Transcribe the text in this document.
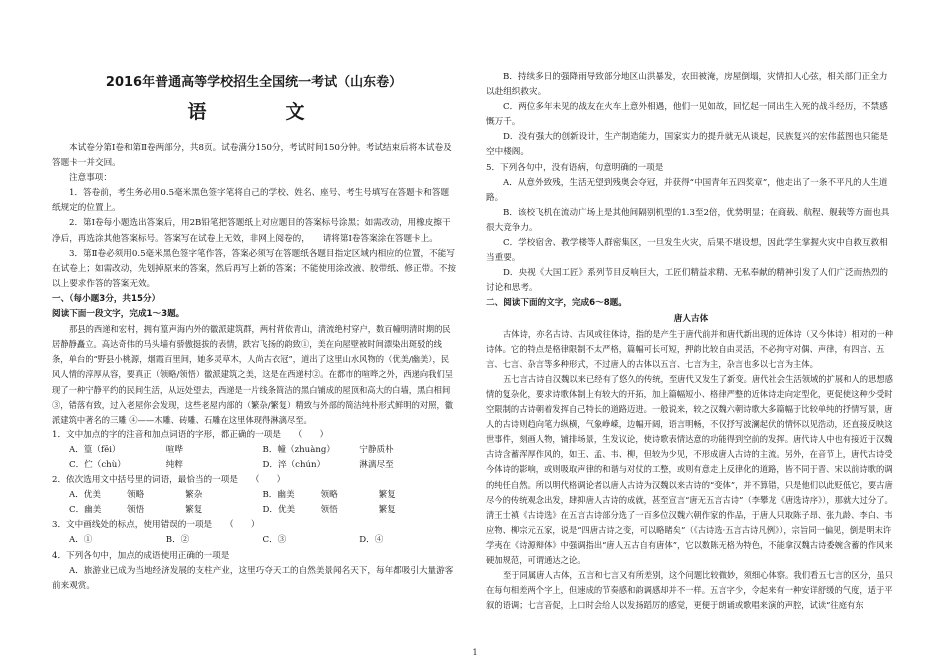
2016年普通高等学校招生全国统一考试（山东卷）

语　文

本试卷分第Ⅰ卷和第Ⅱ卷两部分，共8页。试卷满分150分，考试时间150分钟。考试结束后将本试卷及答题卡一并交回。

注意事项：

1．答卷前，考生务必用0.5毫米黑色签字笔将自己的学校、姓名、座号、考生号填写在答题卡和答题纸规定的位置上。

2．第Ⅰ卷每小题选出答案后，用2B铅笔把答题纸上对应题目的答案标号涂黑；如需改动，用橡皮擦干净后，再选涂其他答案标号。答案写在试卷上无效，非网上阅卷的，　　请将第Ⅰ卷答案涂在答题卡上。

3．第Ⅱ卷必须用0.5毫米黑色签字笔作答，答案必须写在答题纸各题目指定区域内相应的位置，不能写在试卷上；如需改动，先划掉原来的答案，然后再写上新的答案；不能使用涂改液、胶带纸、修正带。不按以上要求作答的答案无效。

一、（每小题3分，共15分）

阅读下面一段文字，完成1～3题。

那县的西递和宏村，拥有篁声海内外的徽派建筑群，两村背依青山，清流绝村穿户，数百幢明清时期的民居静静矗立。高达奇伟的马头墙有骄傲挺拔的表情，跌宕飞扬的韵致①，美在向屋壁被时间漂染出斑驳的线条，单台的“野县小桃源，烟霞百里间，她多灵草木，人尚古衣冠”，道出了这里山水风物的（优美/幽美），民风人情的淳厚从容，要真正（领略/领悟）徽派建筑之美，这是在西递村②。在都市的喧哗之外，西递向我们呈现了一种宁静平约的民间生活，从远处望去，西递是一片线条简洁的黑白铺成的屋顶和高大的白墙，黑白相间③，错落有致，过入老屋你会发现，这些老屋内部的（繁杂/繁复）精致与外部的简洁纯朴形式鲜明的对照，徽派建筑中著名的三雕 ④——木雕、砖雕、石雕在这里体现得淋漓尽至。

1．文中加点的字的注音和加点词语的字形，都正确的一项是　　（　　）

A．篁（fēi）	喧哗	B．幢（zhuàng）	宁静质朴
C．伫（chù）	纯粹	D．淬（chún）	淋漓尽至

2．依次选用文中括号里的词语，最恰当的一项是　　（　　）

A．优美	领略	繁杂	B．幽美	领略	繁复
C．幽美	领悟	繁复	D．优美	领悟	繁复

3．文中画线处的标点，使用错误的一项是　　（　　）

A．①	B．②	C．③	D．④

4．下列各句中，加点的成语使用正确的一项是

A．旅游业已成为当地经济发展的支柱产业，这里巧夺天工的自然美景闻名天下，每年都吸引大量游客前来观赏。

B．持续多日的强降雨导致部分地区山洪暴发，农田被淹，房屋倒塌，灾情扣人心弦，相关部门正全力以赴组织救灾。

C．两位多年未见的战友在火车上意外相遇，他们一见如故，回忆起一同出生入死的战斗经历，不禁感慨万千。

D．没有强大的创新设计，生产制造能力，国家实力的提升就无从谈起，民族复兴的宏伟蓝图也只能是空中楼阁。

5．下列各句中，没有语病，句意明确的一项是

A．从意外致残，生活无望到残奥会夺冠，并获得“中国青年五四奖章”，他走出了一条不平凡的人生道路。

B．该校飞机在流动广场上是其他间隔别机型的1.3至2倍，优势明显；在商载、航程、舰载等方面也具很大竞争力。

C．学校宿舍、教学楼等人群密集区，一旦发生火灾，后果不堪设想，因此学生掌握火灾中自救互救相当重要。

D．央视《大国工匠》系列节目反响巨大，工匠们精益求精、无私奉献的精神引发了人们广泛而热烈的讨论和思考。

二、阅读下面的文字，完成6～8题。

唐人古体

古体诗，亦名古诗、古风或往体诗，指的是产生于唐代前并和唐代新出现的近体诗（又今体诗）相对的一种诗体。它的特点是格律限制不太严格，篇幅可长可短，押韵比较自由灵活，不必拘守对偶、声律，有四言、五言、七言、杂言等多种形式，不过唐人的古体以五言、七言为主，杂言也多以七言为主体。

五七言古诗自汉魏以来已经有了悠久的传统，至唐代又发生了新变。唐代社会生活领域的扩展和人的思想感情的复杂化，要求诗歌体制上有较大的开拓，加上篇幅短小、格律严整的近体诗走向定型化，更促使这种少受时空限制的古诗朝着发挥自己特长的道路迈进。一般说来，较之汉魏六朝诗歌大多篇幅于比较单纯的抒情写景，唐人的古诗则趋向笔力纵横，气象峥嵘，边幅开阔，语言明畅，不仅抒写波澜起伏的情怀以见浩动，还直接反映这世事件，刻画人物，铺排场景，生发议论，使诗歌表情达意的功能得到空前的发挥。唐代诗人中也有接近于汉魏古诗含蓄浑厚作风的，如王、孟、韦、柳，但较为少见，不形成唐人古诗的主流。另外，在音节上，唐代古诗受今体诗的影响，或则吸取声律的和谐与对仗的工整，或则有意走上反律化的道路，皆不同于晋、宋以前诗歌的调的纯任自然。所以明代格调论者以唐人古诗为汉魏以来古诗的“变体”，并不算错，只是他们以此贬低它，要古唐尽今的传统观念出发，肆抑唐人古诗的成就，甚至宣言“唐无五言古诗”（李攀龙《唐选诗序》），那就大过分了。清王士禛《古诗选》在五言古诗部分选了一百多位汉魏六朝作家的作品，于唐人只取陈子昂、张九龄、李白、韦应物、柳宗元五家，说是“四唐古诗之变，可以略睹矣”（《古诗选·五言古诗凡例》），宗旨同一偏见，倒是明末许学夷在《诗源辩体》中强调指出“唐人五古自有唐体”，它以数陈无格为特色，不能拿汉魏古诗委婉含蓄的作风来硬加规范，可谓通达之论。

至于同属唐人古体，五言和七言又有所差别，这个问题比较微妙，须细心体察。我们看五七言的区分，虽只在每句相差两个字上，但速成的节奏感和韵调感却并不一样。五言字少，令起来有一种安详舒缓的气度，适于平叙的语调；七言音促，上口时会给人以发扬蹈厉的感觉，更便于朗诵或歌唱来演的声腔，试读“往庭有东

1
